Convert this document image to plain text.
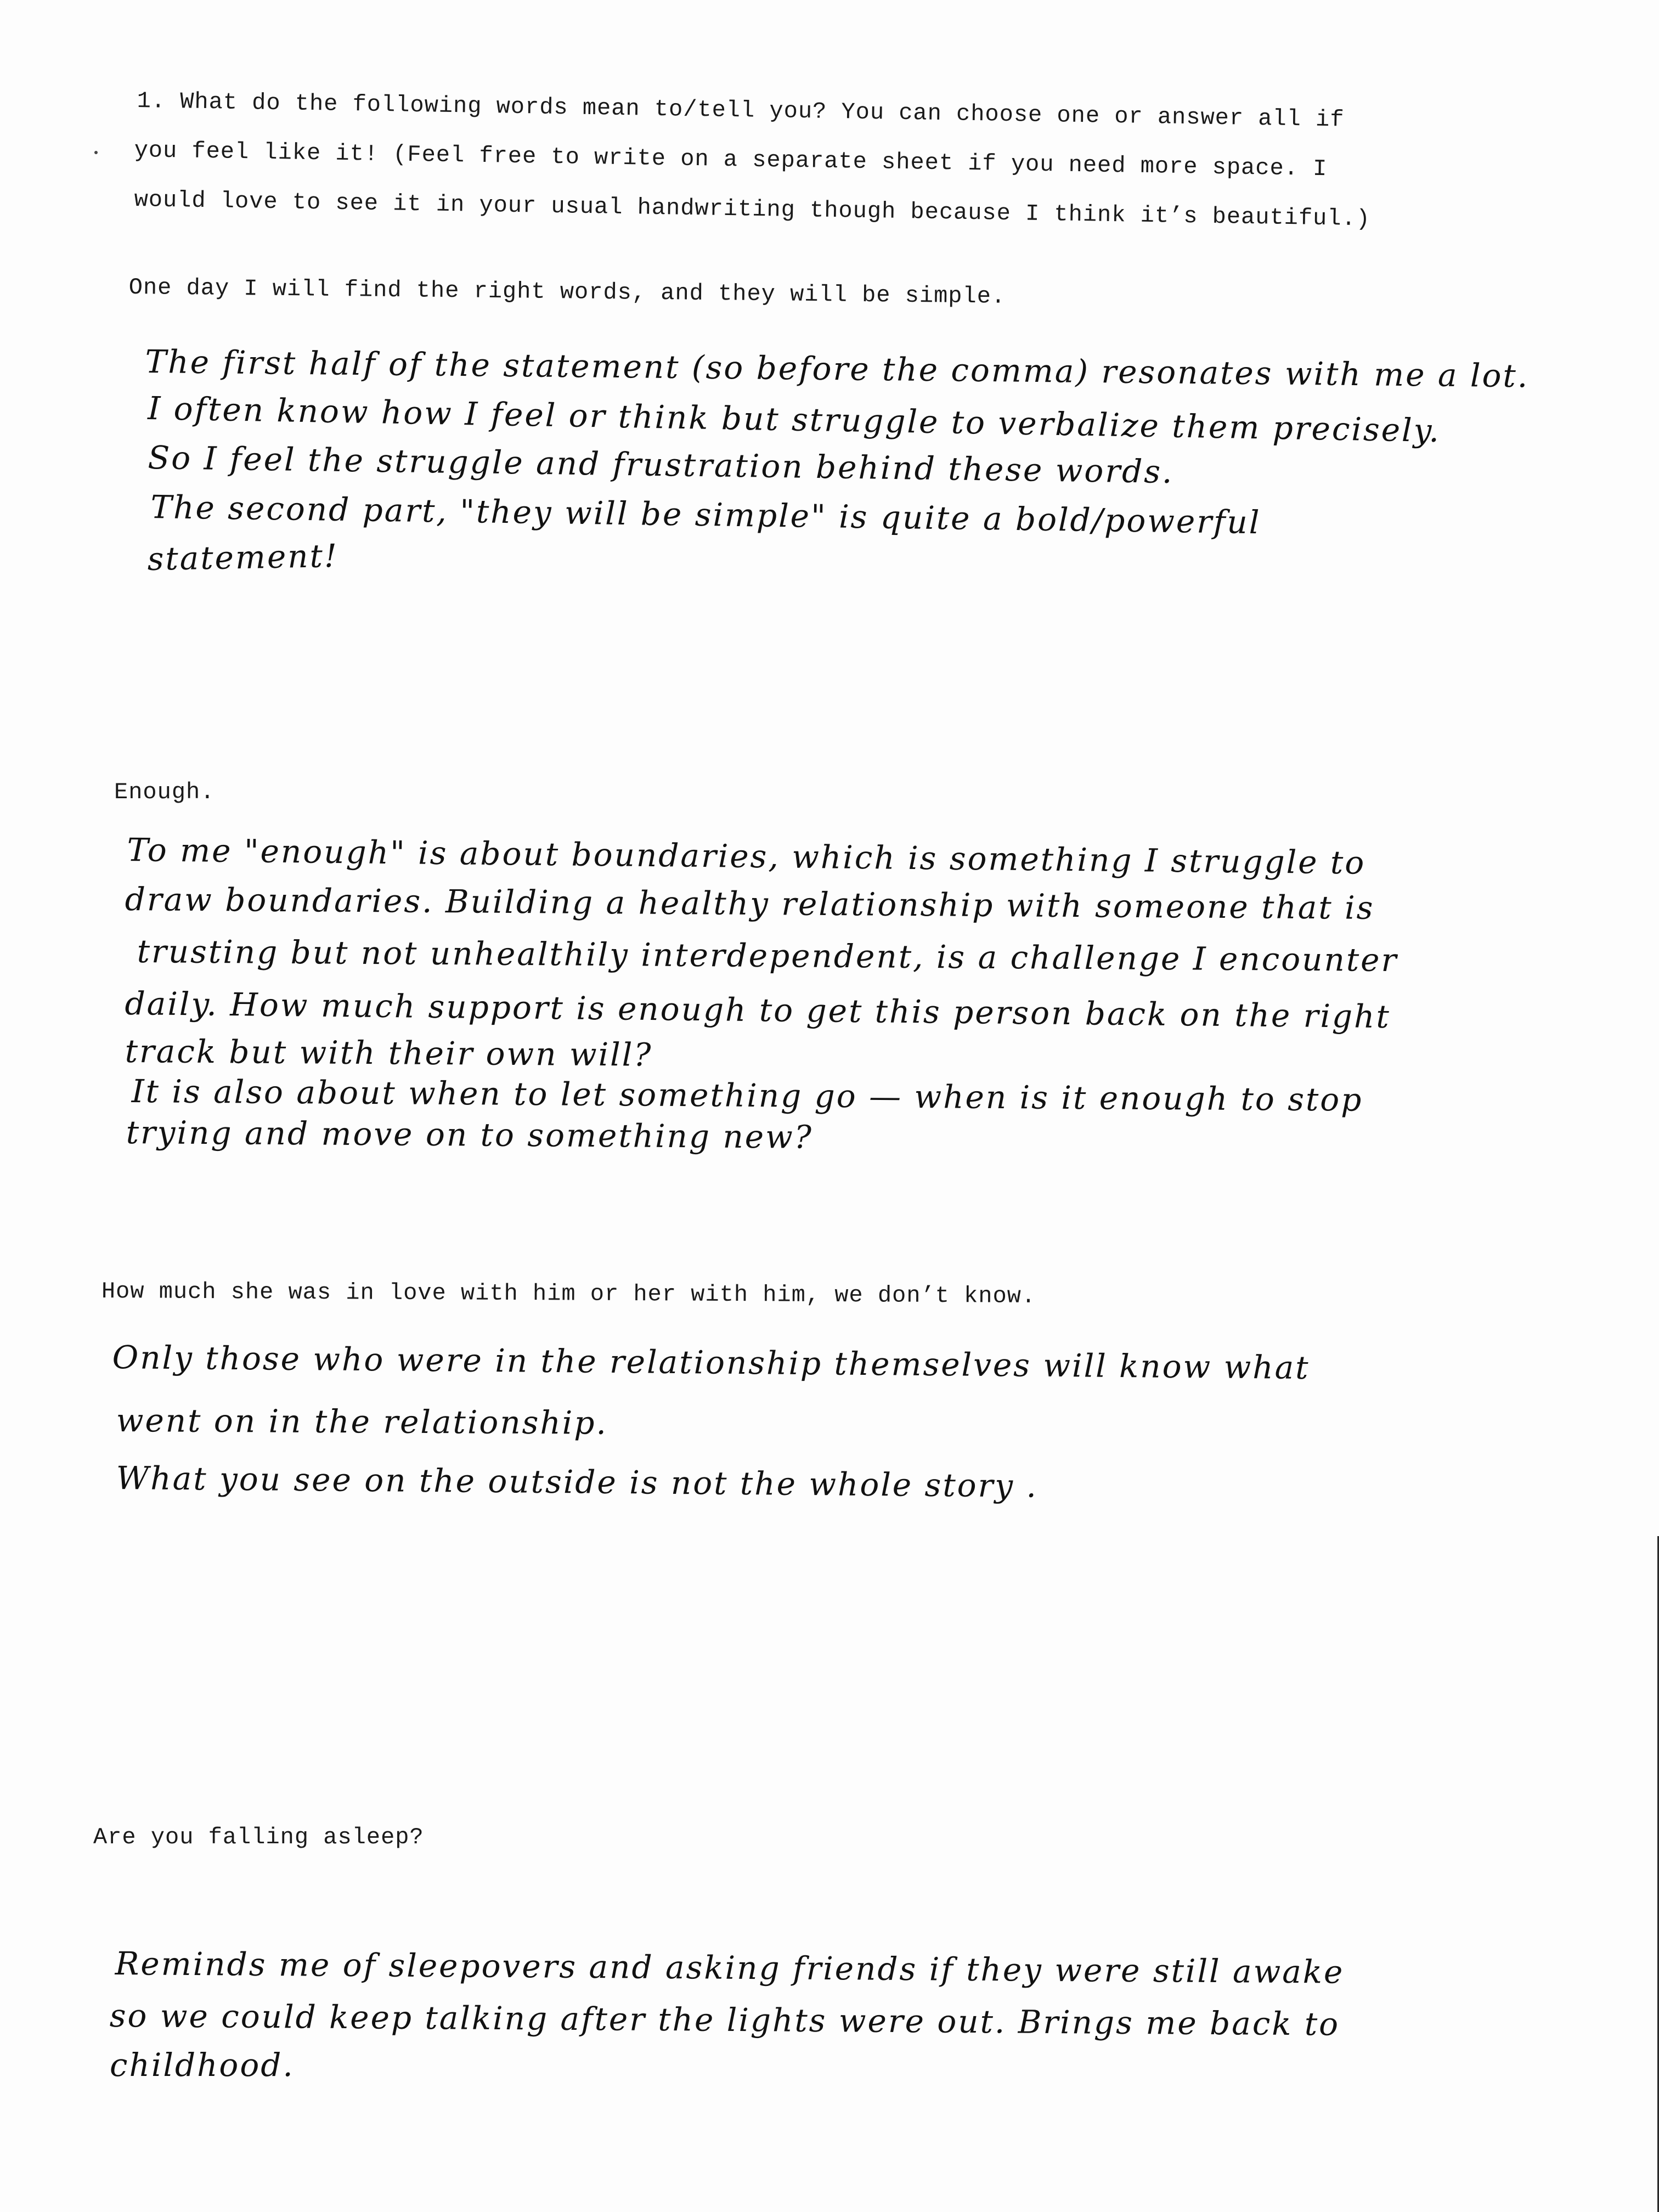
1. What do the following words mean to/tell you? You can choose one or answer all if
you feel like it! (Feel free to write on a separate sheet if you need more space. I
would love to see it in your usual handwriting though because I think it’s beautiful.)
One day I will find the right words, and they will be simple.
The first half of the statement (so before the comma) resonates with me a lot.
I often know how I feel or think but struggle to verbalize them precisely.
So I feel the struggle and frustration behind these words.
The second part, "they will be simple" is quite a bold/powerful
statement!
Enough.
To me "enough" is about boundaries, which is something I struggle to
draw boundaries. Building a healthy relationship with someone that is
trusting but not unhealthily interdependent, is a challenge I encounter
daily. How much support is enough to get this person back on the right
track but with their own will?
It is also about when to let something go — when is it enough to stop
trying and move on to something new?
How much she was in love with him or her with him, we don’t know.
Only those who were in the relationship themselves will know what
went on in the relationship.
What you see on the outside is not the whole story .
Are you falling asleep?
Reminds me of sleepovers and asking friends if they were still awake
so we could keep talking after the lights were out. Brings me back to
childhood.
